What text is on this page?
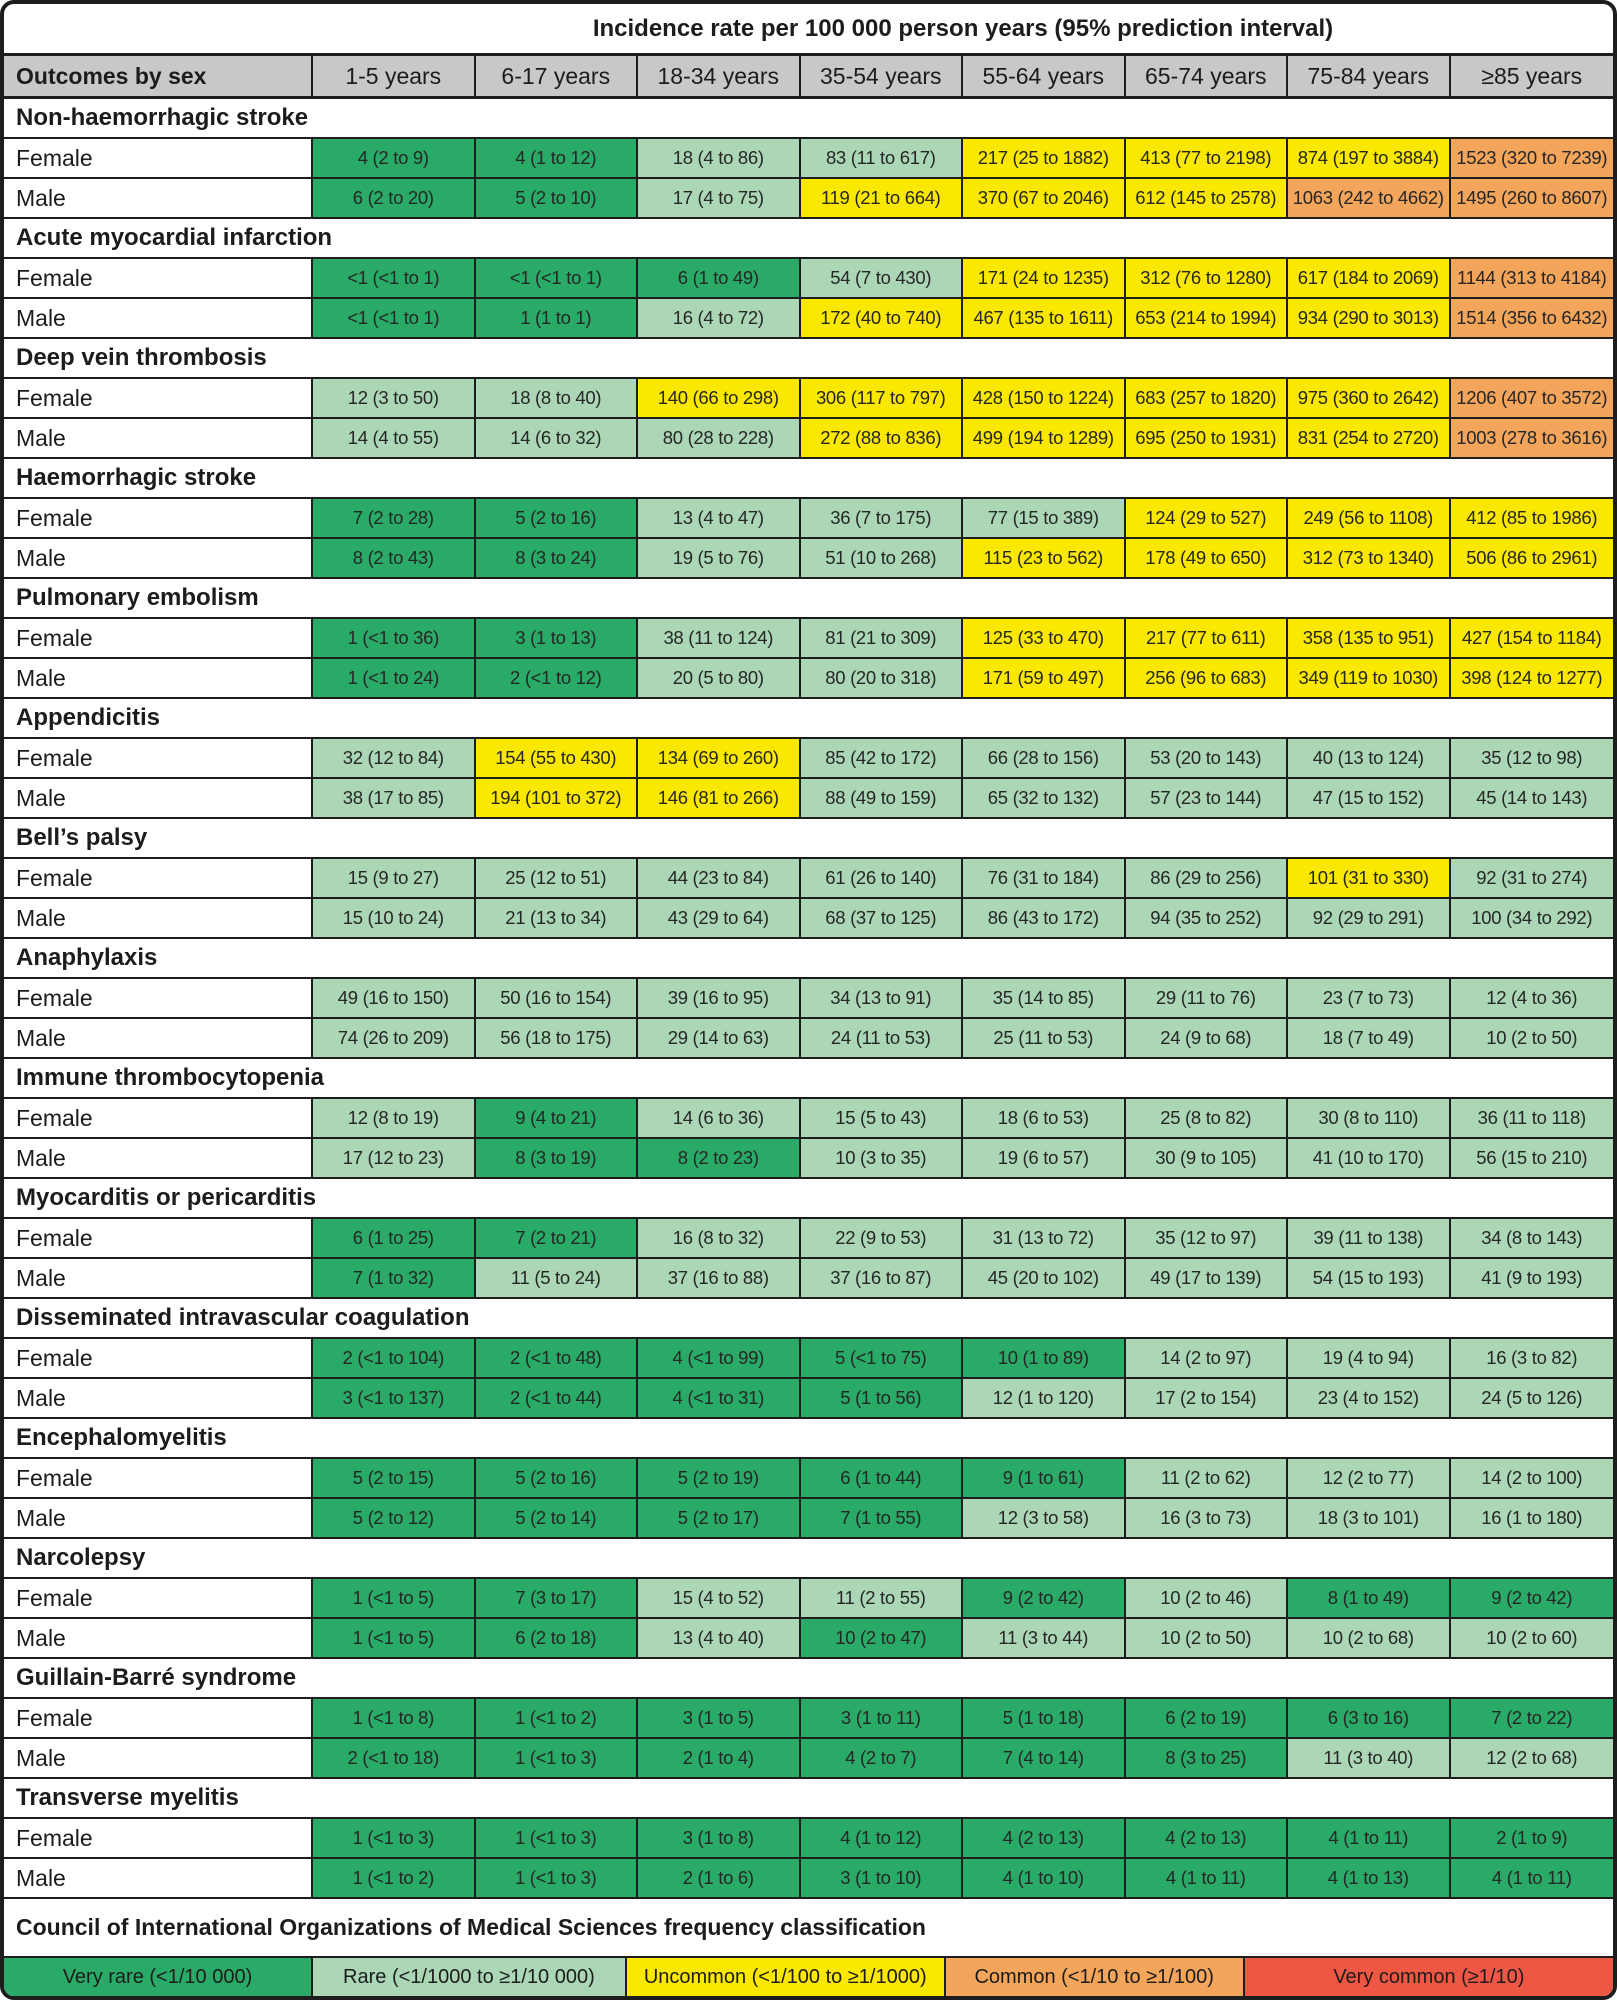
Incidence rate per 100 000 person years (95% prediction interval)
Outcomes by sex	1-5 years	6-17 years	18-34 years	35-54 years	55-64 years	65-74 years	75-84 years	≥85 years
Non-haemorrhagic stroke
Female	4 (2 to 9)	4 (1 to 12)	18 (4 to 86)	83 (11 to 617)	217 (25 to 1882)	413 (77 to 2198)	874 (197 to 3884) 1523 (320 to 7239)
Male	6 (2 to 20)	5 (2 to 10)	17 (4 to 75)	119 (21 to 664)	370 (67 to 2046)	612 (145 to 2578) 1063 (242 to 4662) 1495 (260 to 8607)
Acute myocardial infarction
Female	<1 (<1 to 1)	<1 (<1 to 1)	6 (1 to 49)	54 (7 to 430)	171 (24 to 1235)	312 (76 to 1280)	617 (184 to 2069) 1144 (313 to 4184)
Male	<1 (<1 to 1)	1 (1 to 1)	16 (4 to 72)	172 (40 to 740)	467 (135 to 1611)	653 (214 to 1994)	934 (290 to 3013) 1514 (356 to 6432)
Deep vein thrombosis
Female	12 (3 to 50)	18 (8 to 40)	140 (66 to 298)	306 (117 to 797)	428 (150 to 1224)	683 (257 to 1820)	975 (360 to 2642) 1206 (407 to 3572)
Male	14 (4 to 55)	14 (6 to 32)	80 (28 to 228)	272 (88 to 836)	499 (194 to 1289)	695 (250 to 1931)	831 (254 to 2720) 1003 (278 to 3616)
Haemorrhagic stroke
Female	7 (2 to 28)	5 (2 to 16)	13 (4 to 47)	36 (7 to 175)	77 (15 to 389)	124 (29 to 527)	249 (56 to 1108)	412 (85 to 1986)
Male	8 (2 to 43)	8 (3 to 24)	19 (5 to 76)	51 (10 to 268)	115 (23 to 562)	178 (49 to 650)	312 (73 to 1340)	506 (86 to 2961)
Pulmonary embolism
Female	1 (<1 to 36)	3 (1 to 13)	38 (11 to 124)	81 (21 to 309)	125 (33 to 470)	217 (77 to 611)	358 (135 to 951)	427 (154 to 1184)
Male	1 (<1 to 24)	2 (<1 to 12)	20 (5 to 80)	80 (20 to 318)	171 (59 to 497)	256 (96 to 683)	349 (119 to 1030)	398 (124 to 1277)
Appendicitis
Female	32 (12 to 84)	154 (55 to 430)	134 (69 to 260)	85 (42 to 172)	66 (28 to 156)	53 (20 to 143)	40 (13 to 124)	35 (12 to 98)
Male	38 (17 to 85)	194 (101 to 372)	146 (81 to 266)	88 (49 to 159)	65 (32 to 132)	57 (23 to 144)	47 (15 to 152)	45 (14 to 143)
Bell’s palsy
Female	15 (9 to 27)	25 (12 to 51)	44 (23 to 84)	61 (26 to 140)	76 (31 to 184)	86 (29 to 256)	101 (31 to 330)	92 (31 to 274)
Male	15 (10 to 24)	21 (13 to 34)	43 (29 to 64)	68 (37 to 125)	86 (43 to 172)	94 (35 to 252)	92 (29 to 291)	100 (34 to 292)
Anaphylaxis
Female	49 (16 to 150)	50 (16 to 154)	39 (16 to 95)	34 (13 to 91)	35 (14 to 85)	29 (11 to 76)	23 (7 to 73)	12 (4 to 36)
Male	74 (26 to 209)	56 (18 to 175)	29 (14 to 63)	24 (11 to 53)	25 (11 to 53)	24 (9 to 68)	18 (7 to 49)	10 (2 to 50)
Immune thrombocytopenia
Female	12 (8 to 19)	9 (4 to 21)	14 (6 to 36)	15 (5 to 43)	18 (6 to 53)	25 (8 to 82)	30 (8 to 110)	36 (11 to 118)
Male	17 (12 to 23)	8 (3 to 19)	8 (2 to 23)	10 (3 to 35)	19 (6 to 57)	30 (9 to 105)	41 (10 to 170)	56 (15 to 210)
Myocarditis or pericarditis
Female	6 (1 to 25)	7 (2 to 21)	16 (8 to 32)	22 (9 to 53)	31 (13 to 72)	35 (12 to 97)	39 (11 to 138)	34 (8 to 143)
Male	7 (1 to 32)	11 (5 to 24)	37 (16 to 88)	37 (16 to 87)	45 (20 to 102)	49 (17 to 139)	54 (15 to 193)	41 (9 to 193)
Disseminated intravascular coagulation
Female	2 (<1 to 104)	2 (<1 to 48)	4 (<1 to 99)	5 (<1 to 75)	10 (1 to 89)	14 (2 to 97)	19 (4 to 94)	16 (3 to 82)
Male	3 (<1 to 137)	2 (<1 to 44)	4 (<1 to 31)	5 (1 to 56)	12 (1 to 120)	17 (2 to 154)	23 (4 to 152)	24 (5 to 126)
Encephalomyelitis
Female	5 (2 to 15)	5 (2 to 16)	5 (2 to 19)	6 (1 to 44)	9 (1 to 61)	11 (2 to 62)	12 (2 to 77)	14 (2 to 100)
Male	5 (2 to 12)	5 (2 to 14)	5 (2 to 17)	7 (1 to 55)	12 (3 to 58)	16 (3 to 73)	18 (3 to 101)	16 (1 to 180)
Narcolepsy
Female	1 (<1 to 5)	7 (3 to 17)	15 (4 to 52)	11 (2 to 55)	9 (2 to 42)	10 (2 to 46)	8 (1 to 49)	9 (2 to 42)
Male	1 (<1 to 5)	6 (2 to 18)	13 (4 to 40)	10 (2 to 47)	11 (3 to 44)	10 (2 to 50)	10 (2 to 68)	10 (2 to 60)
Guillain-Barré syndrome
Female	1 (<1 to 8)	1 (<1 to 2)	3 (1 to 5)	3 (1 to 11)	5 (1 to 18)	6 (2 to 19)	6 (3 to 16)	7 (2 to 22)
Male	2 (<1 to 18)	1 (<1 to 3)	2 (1 to 4)	4 (2 to 7)	7 (4 to 14)	8 (3 to 25)	11 (3 to 40)	12 (2 to 68)
Transverse myelitis
Female	1 (<1 to 3)	1 (<1 to 3)	3 (1 to 8)	4 (1 to 12)	4 (2 to 13)	4 (2 to 13)	4 (1 to 11)	2 (1 to 9)
Male	1 (<1 to 2)	1 (<1 to 3)	2 (1 to 6)	3 (1 to 10)	4 (1 to 10)	4 (1 to 11)	4 (1 to 13)	4 (1 to 11)
Council of International Organizations of Medical Sciences frequency classification
Very rare (<1/10 000)	Rare (<1/1000 to ≥1/10 000)	Uncommon (<1/100 to ≥1/1000)	Common (<1/10 to ≥1/100)	Very common (≥1/10)
